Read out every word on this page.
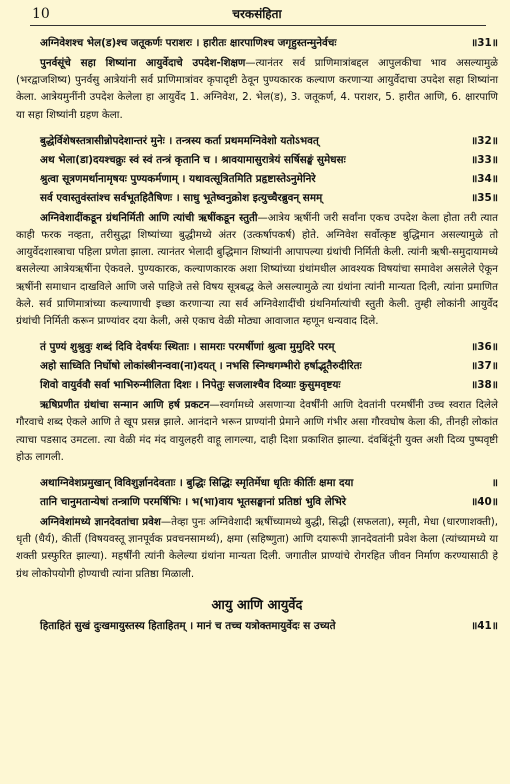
10	चरकसंहिता
॥31॥
अग्निवेशश्च भेल(ड)श्च जतूकर्णः पराशरः । हारीतः क्षारपाणिश्च जगृहुस्तन्मुनेर्वचः

पुनर्वसूंचे सहा शिष्यांना आयुर्वेदाचे उपदेश-शिक्षण—त्यानंतर सर्व प्राणिमात्रांबद्दल आपुलकीचा भाव असल्यामुळे (भरद्वाजशिष्य) पुनर्वसु आत्रेयांनी सर्व प्राणिमात्रांवर कृपादृष्टी ठेवून पुण्यकारक कल्याण करणाऱ्या आयुर्वेदाचा उपदेश सहा शिष्यांना केला. आत्रेयमुनींनी उपदेश केलेला हा आयुर्वेद 1. अग्निवेश, 2. भेल(ड), 3. जतूकर्ण, 4. पराशर, 5. हारीत आणि, 6. क्षारपाणि या सहा शिष्यांनी ग्रहण केला.

॥32॥
बुद्धेर्विशेषस्तत्रासीन्नोपदेशान्तरं मुनेः । तन्त्रस्य कर्ता प्रथममग्निवेशो यतोऽभवत्
॥33॥
अथ भेला(डा)दयश्चक्रुः स्वं स्वं तन्त्रं कृतानि च । श्रावयामासुरात्रेयं सर्षिसङ्घं सुमेधसः
॥34॥
श्रुत्वा सूत्रणमर्थानामृषयः पुण्यकर्मणाम् । यथावत्सूत्रितमिति प्रहृष्टास्तेऽनुमेनिरे
॥35॥
सर्व एवास्तुवंस्तांश्च सर्वभूतहितैषिणः । साधु भूतेष्वनुक्रोश इत्युच्चैरब्रुवन् समम्

अग्निवेशादींकडून ग्रंथनिर्मिती आणि त्यांची ऋषींकडून स्तुती—आत्रेय ऋषींनी जरी सर्वांना एकच उपदेश केला होता तरी त्यात काही फरक नव्हता, तरीसुद्धा शिष्यांच्या बुद्धीमध्ये अंतर (उत्कर्षापकर्ष) होते. अग्निवेश सर्वोत्कृष्ट बुद्धिमान असल्यामुळे तो आयुर्वेदशास्त्राचा पहिला प्रणेता झाला. त्यानंतर भेलादी बुद्धिमान शिष्यांनी आपापल्या ग्रंथांची निर्मिती केली. त्यांनी ऋषी-समुदायामध्ये बसलेल्या आत्रेयऋषींना ऐकवले. पुण्यकारक, कल्याणकारक अशा शिष्यांच्या ग्रंथांमधील आवश्यक विषयांचा समावेश असलेले ऐकून ऋषींनी समाधान दाखविले आणि जसे पाहिजे तसे विषय सूत्रबद्ध केले असल्यामुळे त्या ग्रंथांना त्यांनी मान्यता दिली, त्यांना प्रमाणित केले. सर्व प्राणिमात्रांच्या कल्याणाची इच्छा करणाऱ्या त्या सर्व अग्निवेशादींची ग्रंथनिर्मात्यांची स्तुती केली. तुम्ही लोकांनी आयुर्वेद ग्रंथांची निर्मिती करून प्राण्यांवर दया केली, असे एकाच वेळी मोठ्या आवाजात म्हणून धन्यवाद दिले.

॥36॥
तं पुण्यं शुश्रुवुः शब्दं दिवि देवर्षयः स्थिताः । सामराः परमर्षीणां श्रुत्वा मुमुदिरे परम्
॥37॥
अहो साध्विति निर्घोषो लोकांस्त्रीनन्ववा(ना)दयत् । नभसि स्निग्धगम्भीरो हर्षाद्भूतैरुदीरितः
॥38॥
शिवो वायुर्ववौ सर्वा भाभिरुन्मीलिता दिशः । निपेतुः सजलाश्चैव दिव्याः कुसुमवृष्टयः

ऋषिप्रणीत ग्रंथांचा सन्मान आणि हर्ष प्रकटन—स्वर्गामध्ये असणाऱ्या देवर्षींनी आणि देवतांनी परमर्षींनी उच्च स्वरात दिलेले गौरवाचे शब्द ऐकले आणि ते खूप प्रसन्न झाले. आनंदाने भरून प्राण्यांनी प्रेमाने आणि गंभीर असा गौरवघोष केला की, तीनही लोकांत त्याचा पडसाद उमटला. त्या वेळी मंद मंद वायुलहरी वाहू लागल्या, दाही दिशा प्रकाशित झाल्या. दंवबिंदूंनी युक्त अशी दिव्य पुष्पवृष्टी होऊ लागली.

॥
अथाग्निवेशप्रमुखान् विविशुर्ज्ञानदेवताः । बुद्धिः सिद्धिः स्मृतिर्मेधा धृतिः कीर्तिः क्षमा दया
॥40॥
तानि चानुमतान्येषां तन्त्राणि परमर्षिभिः । भ(भा)वाय भूतसङ्घानां प्रतिष्ठां भुवि लेभिरे

अग्निवेशांमध्ये ज्ञानदेवतांचा प्रवेश—तेव्हा पुनः अग्निवेशादी ऋषींच्यामध्ये बुद्धी, सिद्धी (सफलता), स्मृती, मेधा (धारणाशक्ती), धृती (धैर्य), कीर्ती (विषयवस्तू ज्ञानपूर्वक प्रवचनसामर्थ्य), क्षमा (सहिष्णुता) आणि दयारूपी ज्ञानदेवतांनी प्रवेश केला (त्यांच्यामध्ये या शक्ती प्रस्फुरित झाल्या). महर्षींनी त्यांनी केलेल्या ग्रंथांना मान्यता दिली. जगातील प्राण्यांचे रोगरहित जीवन निर्माण करण्यासाठी हे ग्रंथ लोकोपयोगी होण्याची त्यांना प्रतिष्ठा मिळाली.

आयु आणि आयुर्वेद
॥41॥
हिताहितं सुखं दुःखमायुस्तस्य हिताहितम् । मानं च तच्च यत्रोक्तमायुर्वेदः स उच्यते
